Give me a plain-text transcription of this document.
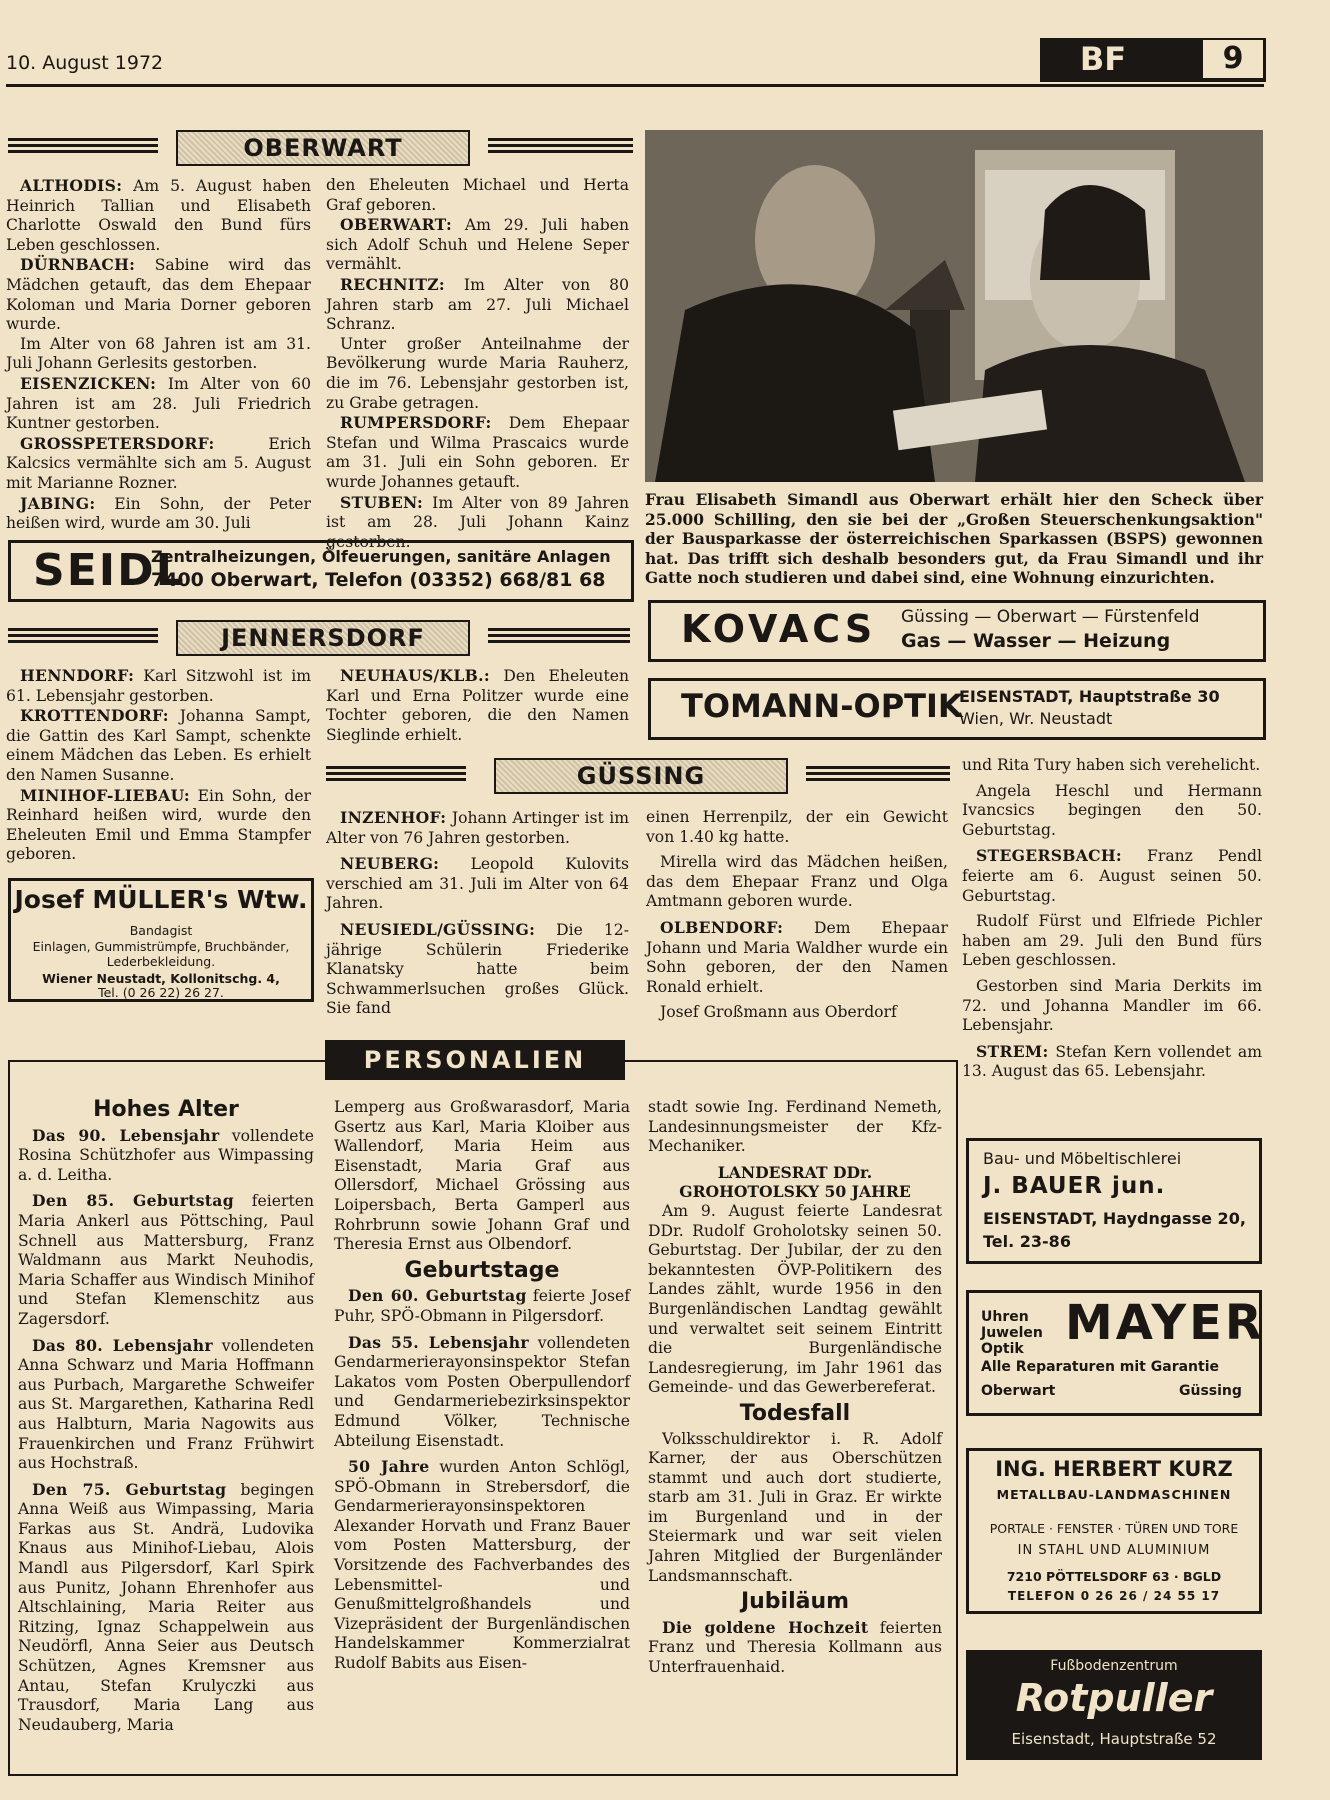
10. August 1972	BF	9
OBERWART

ALTHODIS: Am 5. August haben Heinrich Tallian und Elisabeth Charlotte Oswald den Bund fürs Leben geschlossen.

DÜRNBACH: Sabine wird das Mädchen getauft, das dem Ehepaar Koloman und Maria Dorner geboren wurde.

Im Alter von 68 Jahren ist am 31. Juli Johann Gerlesits gestorben.

EISENZICKEN: Im Alter von 60 Jahren ist am 28. Juli Friedrich Kuntner gestorben.

GROSSPETERSDORF: Erich Kalcsics vermählte sich am 5. August mit Marianne Rozner.

JABING: Ein Sohn, der Peter heißen wird, wurde am 30. Juli

den Eheleuten Michael und Herta Graf geboren.

OBERWART: Am 29. Juli haben sich Adolf Schuh und Helene Seper vermählt.

RECHNITZ: Im Alter von 80 Jahren starb am 27. Juli Michael Schranz.

Unter großer Anteilnahme der Bevölkerung wurde Maria Rauherz, die im 76. Lebensjahr gestorben ist, zu Grabe getragen.

RUMPERSDORF: Dem Ehepaar Stefan und Wilma Prascaics wurde am 31. Juli ein Sohn geboren. Er wurde Johannes getauft.

STUBEN: Im Alter von 89 Jahren ist am 28. Juli Johann Kainz gestorben.

Frau Elisabeth Simandl aus Oberwart erhält hier den Scheck über 25.000 Schilling, den sie bei der „Großen Steuerschenkungsaktion" der Bausparkasse der österreichischen Sparkassen (BSPS) gewonnen hat. Das trifft sich deshalb besonders gut, da Frau Simandl und ihr Gatte noch studieren und dabei sind, eine Wohnung einzurichten.
SEIDL
Zentralheizungen, Ölfeuerungen, sanitäre Anlagen
7400 Oberwart, Telefon (03352) 668/81 68
KOVACS Güssing — Oberwart — Fürstenfeld
Gas — Wasser — Heizung
TOMANN-OPTIK
EISENSTADT, Hauptstraße 30
Wien, Wr. Neustadt
JENNERSDORF

HENNDORF: Karl Sitzwohl ist im 61. Lebensjahr gestorben.

KROTTENDORF: Johanna Sampt, die Gattin des Karl Sampt, schenkte einem Mädchen das Leben. Es erhielt den Namen Susanne.

MINIHOF-LIEBAU: Ein Sohn, der Reinhard heißen wird, wurde den Eheleuten Emil und Emma Stampfer geboren.

NEUHAUS/KLB.: Den Eheleuten Karl und Erna Politzer wurde eine Tochter geboren, die den Namen Sieglinde erhielt.

Josef MÜLLER's Wtw.
Bandagist
Einlagen, Gummistrümpfe, Bruchbänder, Lederbekleidung.
Wiener Neustadt, Kollonitschg. 4,
Tel. (0 26 22) 26 27.
GÜSSING

INZENHOF: Johann Artinger ist im Alter von 76 Jahren gestorben.

NEUBERG: Leopold Kulovits verschied am 31. Juli im Alter von 64 Jahren.

NEUSIEDL/GÜSSING: Die 12-jährige Schülerin Friederike Klanatsky hatte beim Schwammerlsuchen großes Glück. Sie fand

einen Herrenpilz, der ein Gewicht von 1.40 kg hatte.

Mirella wird das Mädchen heißen, das dem Ehepaar Franz und Olga Amtmann geboren wurde.

OLBENDORF: Dem Ehepaar Johann und Maria Waldher wurde ein Sohn geboren, der den Namen Ronald erhielt.

Josef Großmann aus Oberdorf

und Rita Tury haben sich verehelicht.

Angela Heschl und Hermann Ivancsics begingen den 50. Geburtstag.

STEGERSBACH: Franz Pendl feierte am 6. August seinen 50. Geburtstag.

Rudolf Fürst und Elfriede Pichler haben am 29. Juli den Bund fürs Leben geschlossen.

Gestorben sind Maria Derkits im 72. und Johanna Mandler im 66. Lebensjahr.

STREM: Stefan Kern vollendet am 13. August das 65. Lebensjahr.

PERSONALIEN
Hohes Alter

Das 90. Lebensjahr vollendete Rosina Schützhofer aus Wimpassing a. d. Leitha.

Den 85. Geburtstag feierten Maria Ankerl aus Pöttsching, Paul Schnell aus Mattersburg, Franz Waldmann aus Markt Neuhodis, Maria Schaffer aus Windisch Minihof und Stefan Klemenschitz aus Zagersdorf.

Das 80. Lebensjahr vollendeten Anna Schwarz und Maria Hoffmann aus Purbach, Margarethe Schweifer aus St. Margarethen, Katharina Redl aus Halbturn, Maria Nagowits aus Frauenkirchen und Franz Frühwirt aus Hochstraß.

Den 75. Geburtstag begingen Anna Weiß aus Wimpassing, Maria Farkas aus St. Andrä, Ludovika Knaus aus Minihof-Liebau, Alois Mandl aus Pilgersdorf, Karl Spirk aus Punitz, Johann Ehrenhofer aus Altschlaining, Maria Reiter aus Ritzing, Ignaz Schappelwein aus Neudörfl, Anna Seier aus Deutsch Schützen, Agnes Kremsner aus Antau, Stefan Krulyczki aus Trausdorf, Maria Lang aus Neudauberg, Maria

Lemperg aus Großwarasdorf, Maria Gsertz aus Karl, Maria Kloiber aus Wallendorf, Maria Heim aus Eisenstadt, Maria Graf aus Ollersdorf, Michael Grössing aus Loipersbach, Berta Gamperl aus Rohrbrunn sowie Johann Graf und Theresia Ernst aus Olbendorf.

Geburtstage

Den 60. Geburtstag feierte Josef Puhr, SPÖ-Obmann in Pilgersdorf.

Das 55. Lebensjahr vollendeten Gendarmerierayonsinspektor Stefan Lakatos vom Posten Oberpullendorf und Gendarmeriebezirksinspektor Edmund Völker, Technische Abteilung Eisenstadt.

50 Jahre wurden Anton Schlögl, SPÖ-Obmann in Strebersdorf, die Gendarmerierayonsinspektoren Alexander Horvath und Franz Bauer vom Posten Mattersburg, der Vorsitzende des Fachverbandes des Lebensmittel- und Genußmittelgroßhandels und Vizepräsident der Burgenländischen Handelskammer Kommerzialrat Rudolf Babits aus Eisen-

stadt sowie Ing. Ferdinand Nemeth, Landesinnungsmeister der Kfz-Mechaniker.

LANDESRAT DDr. GROHOTOLSKY 50 JAHRE

Am 9. August feierte Landesrat DDr. Rudolf Groholotsky seinen 50. Geburtstag. Der Jubilar, der zu den bekanntesten ÖVP-Politikern des Landes zählt, wurde 1956 in den Burgenländischen Landtag gewählt und verwaltet seit seinem Eintritt die Burgenländische Landesregierung, im Jahr 1961 das Gemeinde- und das Gewerbereferat.

Todesfall

Volksschuldirektor i. R. Adolf Karner, der aus Oberschützen stammt und auch dort studierte, starb am 31. Juli in Graz. Er wirkte im Burgenland und in der Steiermark und war seit vielen Jahren Mitglied der Burgenländer Landsmannschaft.

Jubiläum

Die goldene Hochzeit feierten Franz und Theresia Kollmann aus Unterfrauenhaid.

Bau- und Möbeltischlerei
J. BAUER jun.
EISENSTADT, Haydngasse 20,
Tel. 23-86
Uhren
Juwelen
Optik MAYER
Alle Reparaturen mit Garantie
Oberwart	Güssing
ING. HERBERT KURZ
METALLBAU-LANDMASCHINEN
PORTALE · FENSTER · TÜREN UND TORE
IN STAHL UND ALUMINIUM
7210 PÖTTELSDORF 63 · BGLD
TELEFON 0 26 26 / 24 55 17
Fußbodenzentrum
Rotpuller
Eisenstadt, Hauptstraße 52
